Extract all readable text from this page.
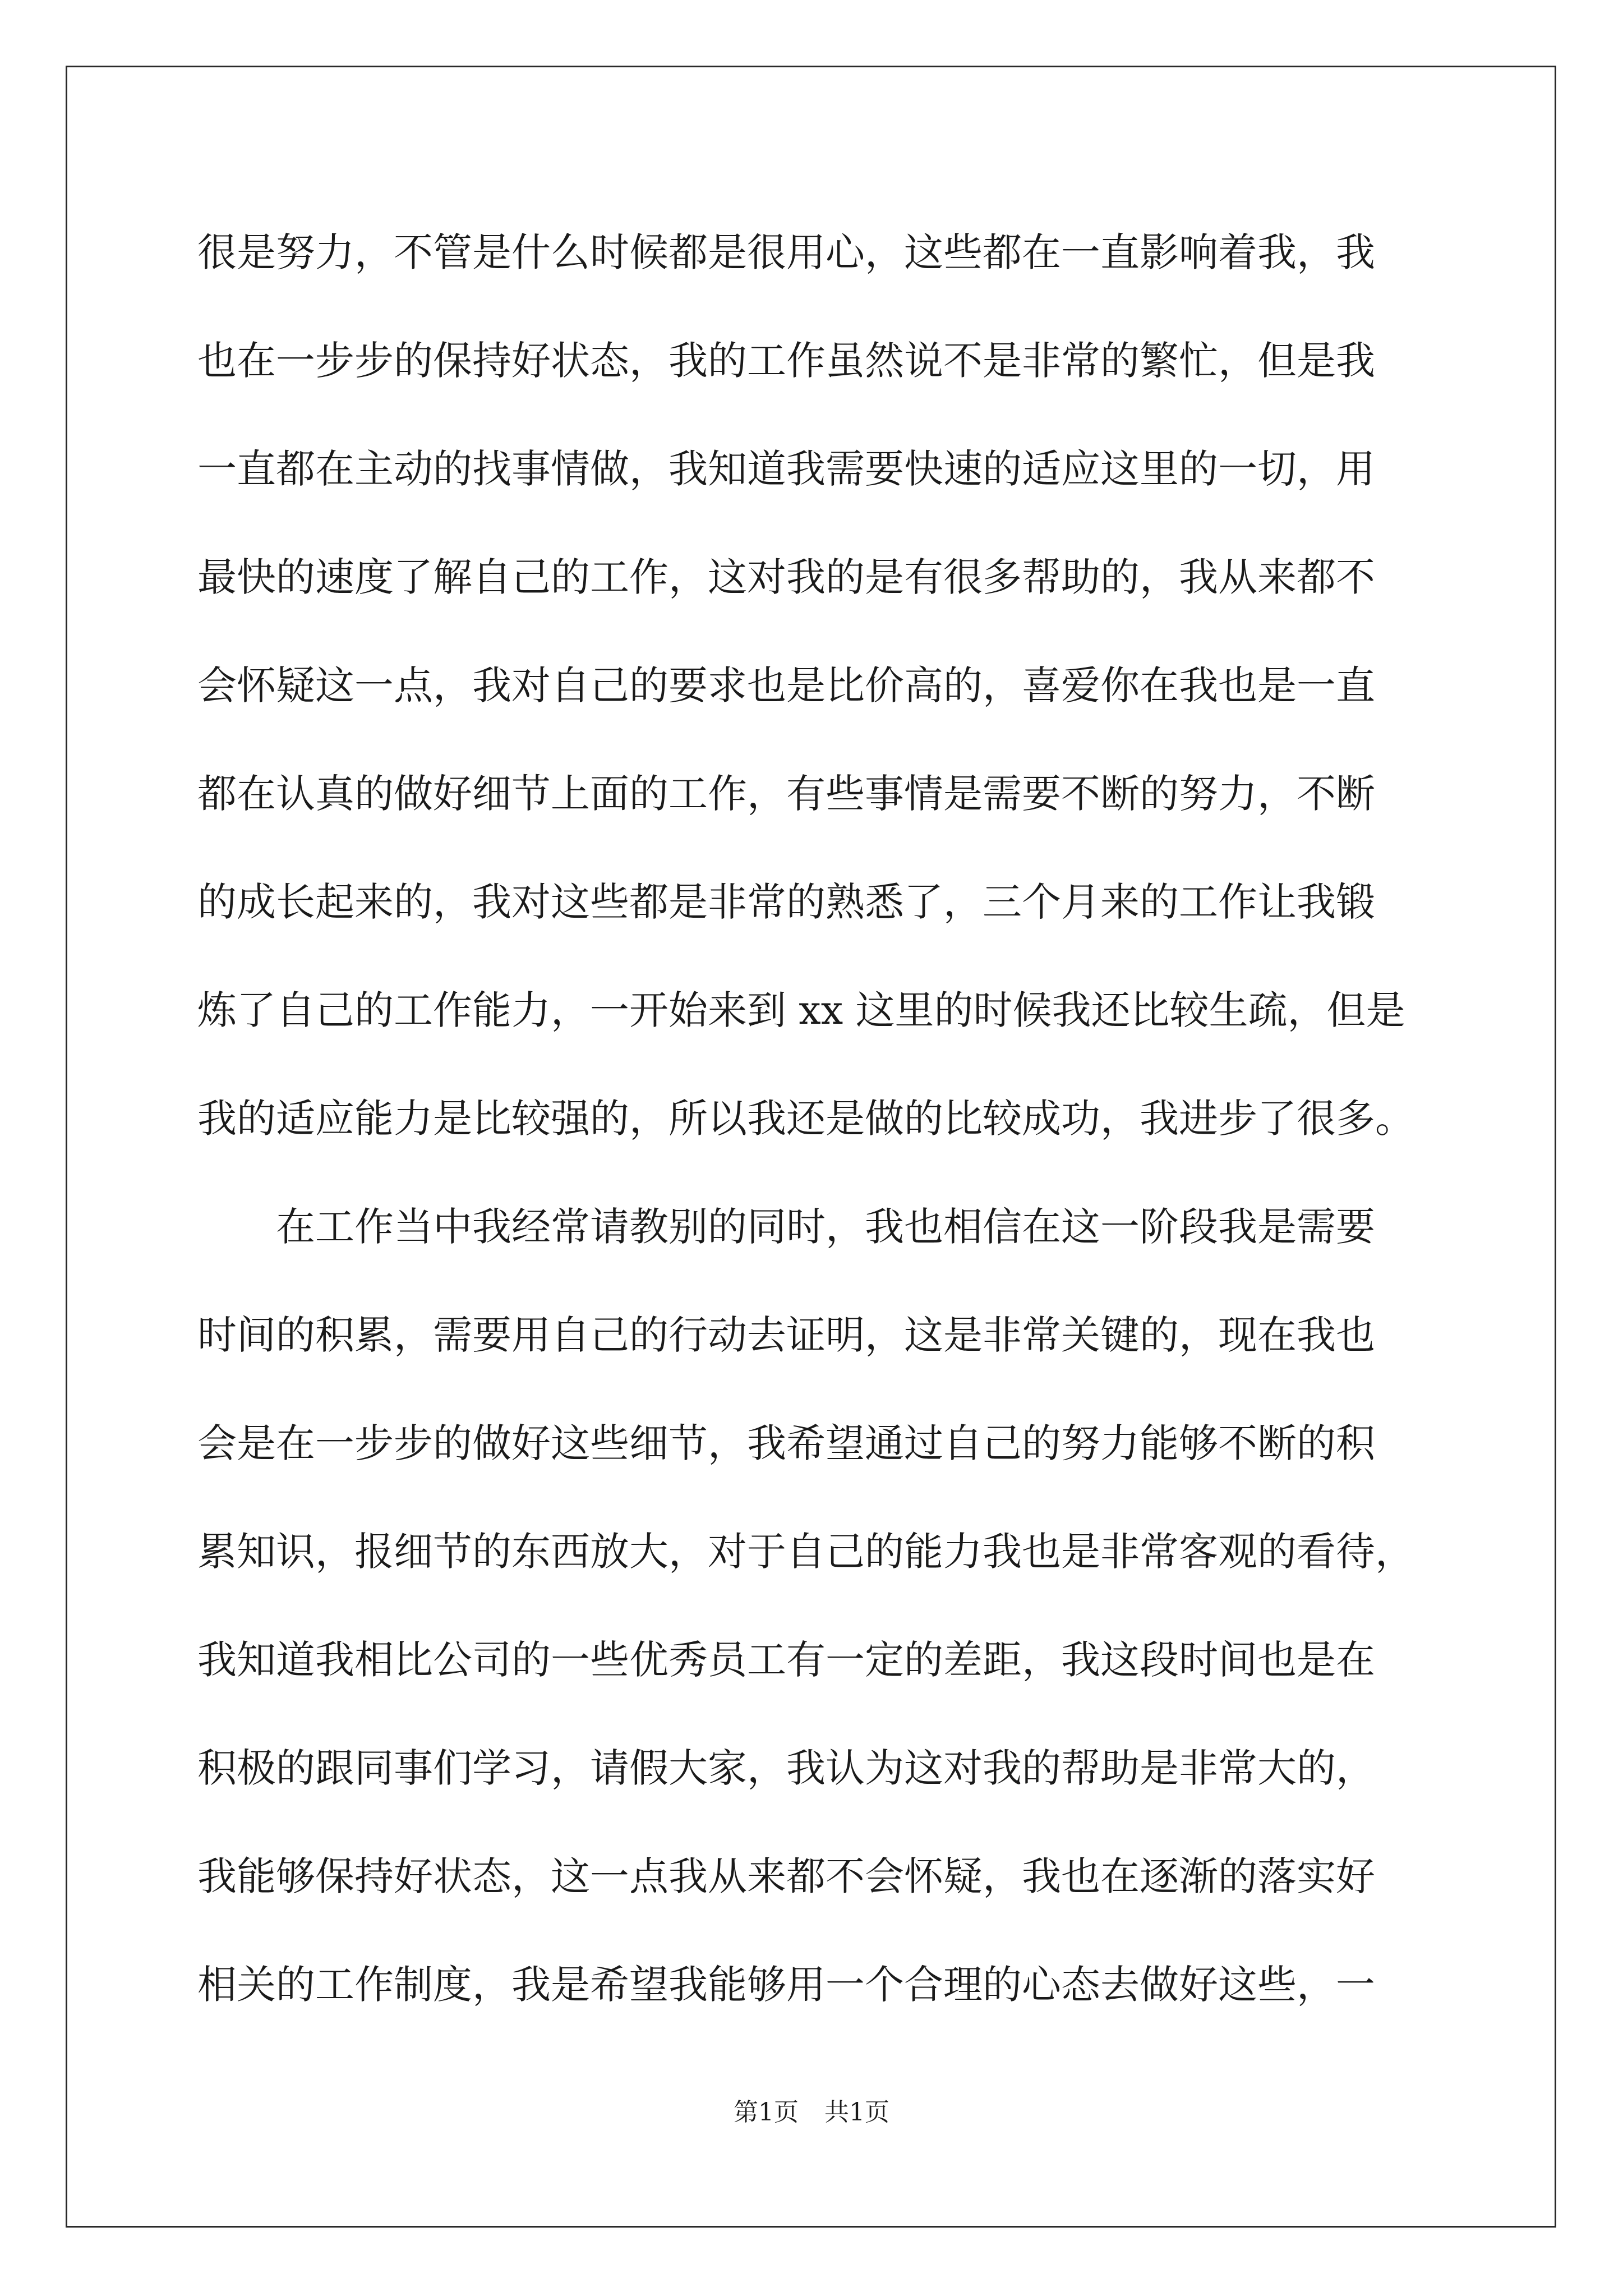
很是努力，不管是什么时候都是很用心，这些都在一直影响着我，我
也在一步步的保持好状态，我的工作虽然说不是非常的繁忙，但是我
一直都在主动的找事情做，我知道我需要快速的适应这里的一切，用
最快的速度了解自己的工作，这对我的是有很多帮助的，我从来都不
会怀疑这一点，我对自己的要求也是比价高的，喜爱你在我也是一直
都在认真的做好细节上面的工作，有些事情是需要不断的努力，不断
的成长起来的，我对这些都是非常的熟悉了，三个月来的工作让我锻
炼了自己的工作能力，一开始来到 xx 这里的时候我还比较生疏，但是
我的适应能力是比较强的，所以我还是做的比较成功，我进步了很多。
在工作当中我经常请教别的同时，我也相信在这一阶段我是需要
时间的积累，需要用自己的行动去证明，这是非常关键的，现在我也
会是在一步步的做好这些细节，我希望通过自己的努力能够不断的积
累知识，报细节的东西放大，对于自己的能力我也是非常客观的看待，
我知道我相比公司的一些优秀员工有一定的差距，我这段时间也是在
积极的跟同事们学习，请假大家，我认为这对我的帮助是非常大的，
我能够保持好状态，这一点我从来都不会怀疑，我也在逐渐的落实好
相关的工作制度，我是希望我能够用一个合理的心态去做好这些，一
第1页 共1页
